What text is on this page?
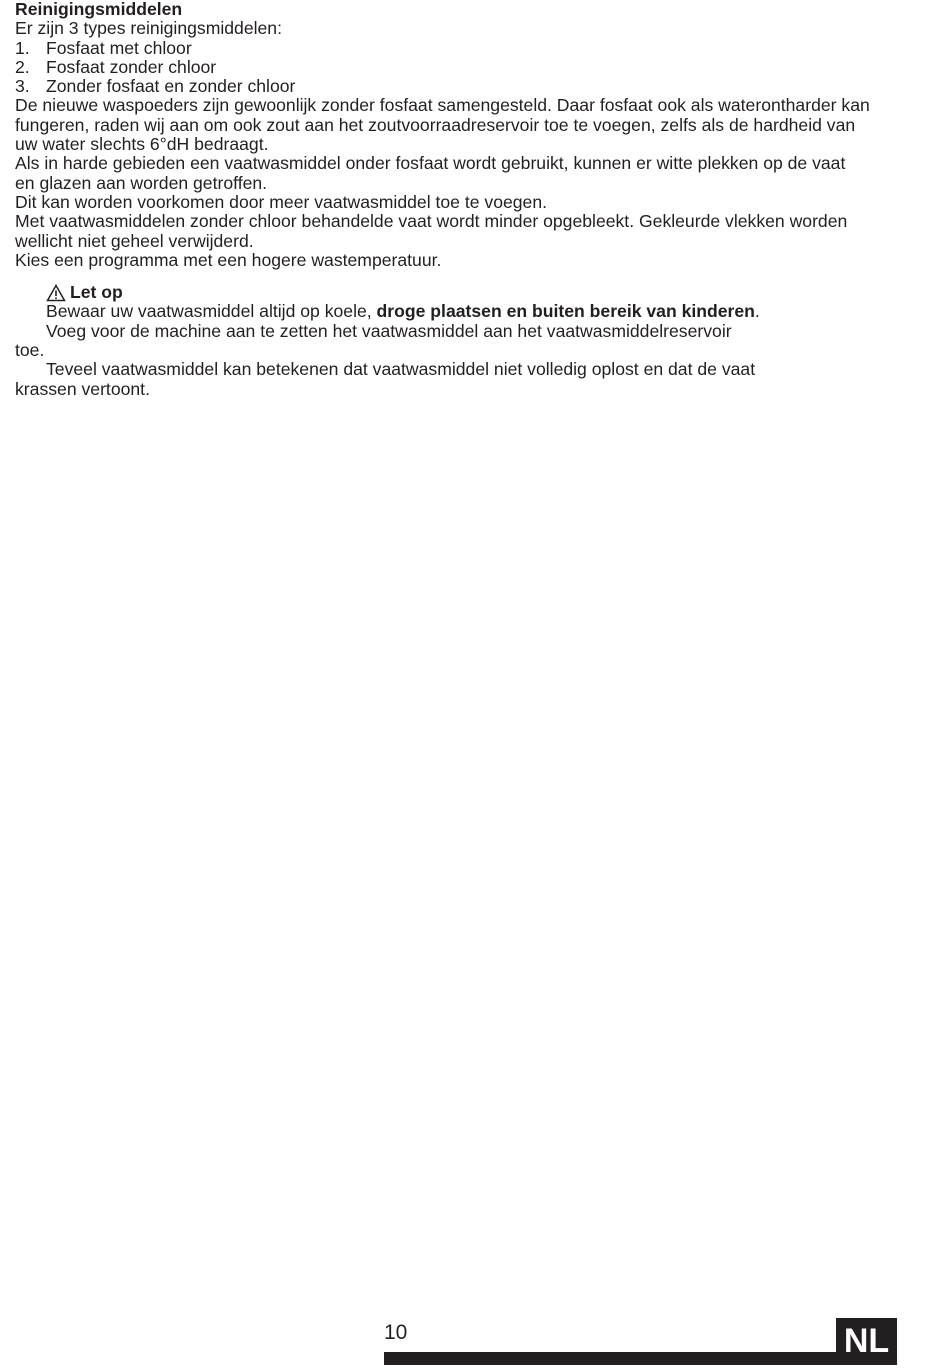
Reinigingsmiddelen
Er zijn 3 types reinigingsmiddelen:
1. Fosfaat met chloor
2. Fosfaat zonder chloor
3. Zonder fosfaat en zonder chloor
De nieuwe waspoeders zijn gewoonlijk zonder fosfaat samengesteld. Daar fosfaat ook als waterontharder kan
fungeren, raden wij aan om ook zout aan het zoutvoorraadreservoir toe te voegen, zelfs als de hardheid van
uw water slechts 6°dH bedraagt.
Als in harde gebieden een vaatwasmiddel onder fosfaat wordt gebruikt, kunnen er witte plekken op de vaat
en glazen aan worden getroffen.
Dit kan worden voorkomen door meer vaatwasmiddel toe te voegen.
Met vaatwasmiddelen zonder chloor behandelde vaat wordt minder opgebleekt. Gekleurde vlekken worden
wellicht niet geheel verwijderd.
Kies een programma met een hogere wastemperatuur.
Let op
Bewaar uw vaatwasmiddel altijd op koele, droge plaatsen en buiten bereik van kinderen.
Voeg voor de machine aan te zetten het vaatwasmiddel aan het vaatwasmiddelreservoir
toe.
Teveel vaatwasmiddel kan betekenen dat vaatwasmiddel niet volledig oplost en dat de vaat
krassen vertoont.
10	NL
